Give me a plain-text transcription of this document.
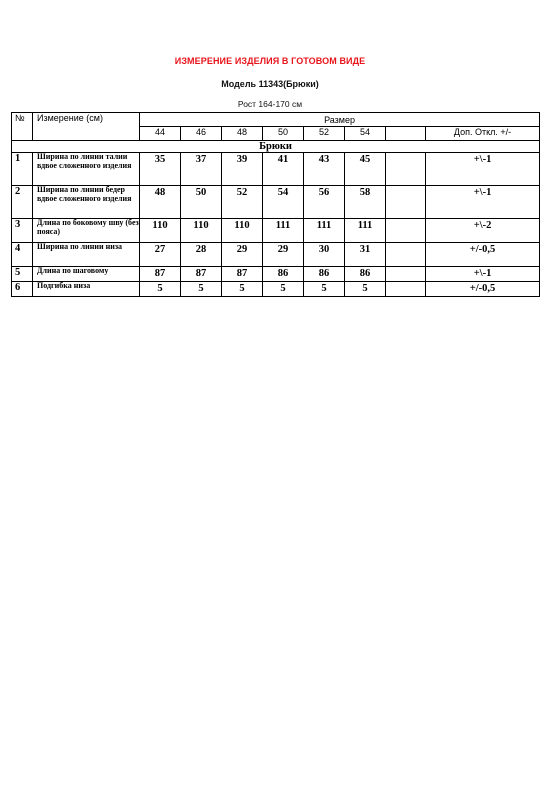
ИЗМЕРЕНИЕ ИЗДЕЛИЯ В ГОТОВОМ ВИДЕ
Модель 11343(Брюки)
Рост 164-170 см
№	Измерение (см)	Размер							
		44	46	48	50	52	54		Доп. Откл. +/-
Брюки									
1	Ширина по линии талии вдвое сложенного изделия	35	37	39	41	43	45		+\-1
2	Ширина по линии бедер вдвое сложенного изделия	48	50	52	54	56	58		+\-1
3	Длина по боковому шву (без пояса)	110	110	110	111	111	111		+\-2
4	Ширина по линии низа	27	28	29	29	30	31		+/-0,5
5	Длина по шаговому	87	87	87	86	86	86		+\-1
6	Подгибка низа	5	5	5	5	5	5		+/-0,5
